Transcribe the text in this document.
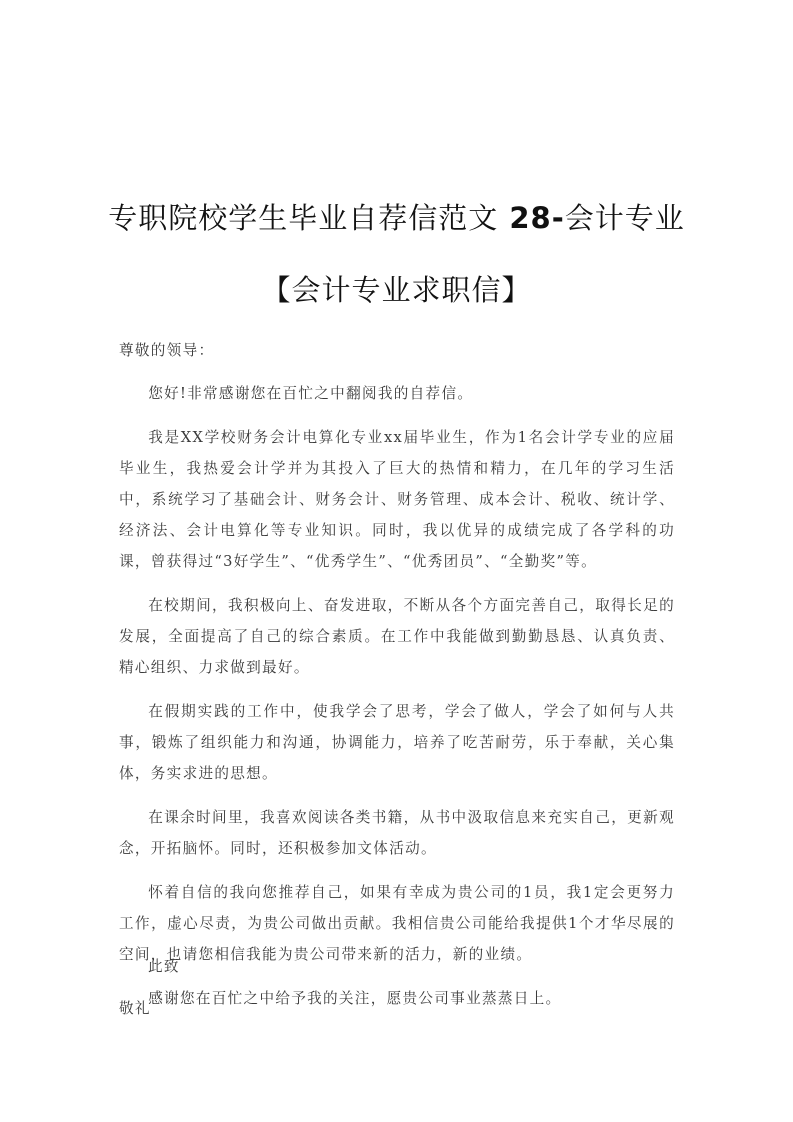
专职院校学生毕业自荐信范文 28-会计专业
【会计专业求职信】
尊敬的领导：

您好!非常感谢您在百忙之中翻阅我的自荐信。

我是XX学校财务会计电算化专业xx届毕业生，作为1名会计学专业的应届毕业生，我热爱会计学并为其投入了巨大的热情和精力，在几年的学习生活中，系统学习了基础会计、财务会计、财务管理、成本会计、税收、统计学、经济法、会计电算化等专业知识。同时，我以优异的成绩完成了各学科的功课，曾获得过“3好学生”、“优秀学生”、“优秀团员”、“全勤奖”等。

在校期间，我积极向上、奋发进取，不断从各个方面完善自己，取得长足的发展，全面提高了自己的综合素质。在工作中我能做到勤勤恳恳、认真负责、精心组织、力求做到最好。

在假期实践的工作中，使我学会了思考，学会了做人，学会了如何与人共事，锻炼了组织能力和沟通，协调能力，培养了吃苦耐劳，乐于奉献，关心集体，务实求进的思想。

在课余时间里，我喜欢阅读各类书籍，从书中汲取信息来充实自己，更新观念，开拓脑怀。同时，还积极参加文体活动。

怀着自信的我向您推荐自己，如果有幸成为贵公司的1员，我1定会更努力工作，虚心尽责，为贵公司做出贡献。我相信贵公司能给我提供1个才华尽展的空间，也请您相信我能为贵公司带来新的活力，新的业绩。

感谢您在百忙之中给予我的关注，愿贵公司事业蒸蒸日上。

此致
敬礼
